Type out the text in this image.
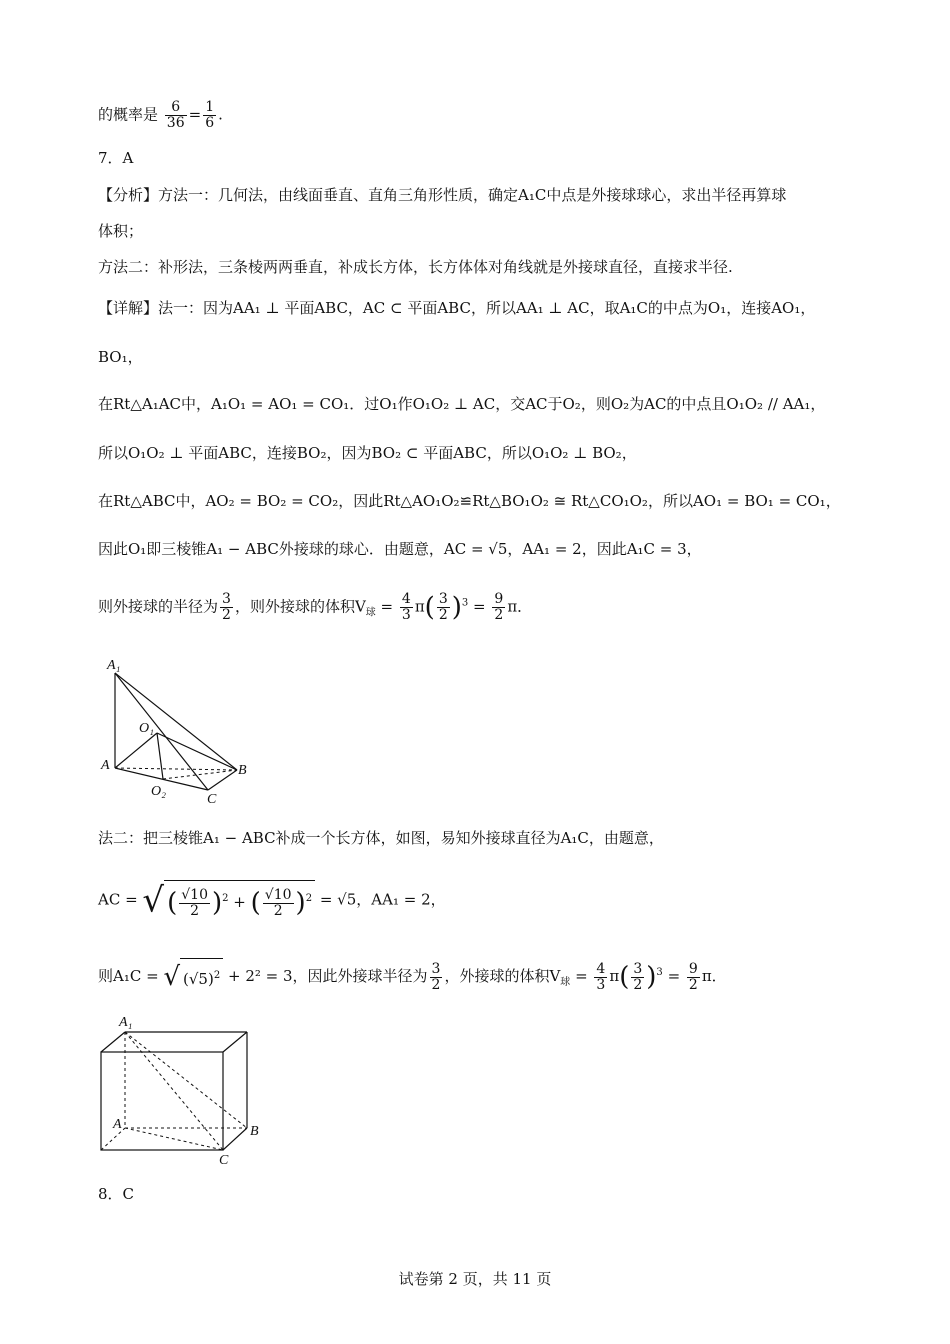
的概率是 $\frac{6}{36} = \frac{1}{6}$ .
7．A
【分析】方法一：几何法，由线面垂直、直角三角形性质，确定A₁C中点是外接球球心，求出半径再算球
体积；
方法二：补形法，三条棱两两垂直，补成长方体，长方体体对角线就是外接球直径，直接求半径.
【详解】法一：因为AA₁ ⊥ 平面ABC，AC ⊂ 平面ABC，所以AA₁ ⊥ AC，取A₁C的中点为O₁，连接AO₁，
BO₁，
在Rt△A₁AC中，A₁O₁ = AO₁ = CO₁．过O₁作O₁O₂ ⊥ AC，交AC于O₂，则O₂为AC的中点且O₁O₂ // AA₁，
所以O₁O₂ ⊥ 平面ABC，连接BO₂，因为BO₂ ⊂ 平面ABC，所以O₁O₂ ⊥ BO₂，
在Rt△ABC中，AO₂ = BO₂ = CO₂，因此Rt△AO₁O₂≌Rt△BO₁O₂ ≅ Rt△CO₁O₂，所以AO₁ = BO₁ = CO₁，
因此O₁即三棱锥A₁ − ABC外接球的球心．由题意，AC = √5，AA₁ = 2，因此A₁C = 3，
则外接球的半径为 $\frac{3}{2}$ ，则外接球的体积$V_球 = \frac{4}{3} \pi( \frac{3}{2} )^3 = \frac{9}{2}$ π．
A₁
O₁
A	B
O₂
C
法二：把三棱锥A₁ − ABC补成一个长方体，如图，易知外接球直径为A₁C，由题意，
AC = √ ( $\frac{√10}{2} )^2$ + ( $\frac{√10}{2} )^2 = √5$，AA₁ = 2，
则A₁C = √ $(√5)^2 + 2^2 = 3$，因此外接球半径为 $\frac{3}{2}$ ，外接球的体积$V_球 = \frac{4}{3} \pi( \frac{3}{2} )^3 = \frac{9}{2}$ π．
A₁
A	B
C
8．C
试卷第 2 页，共 11 页
